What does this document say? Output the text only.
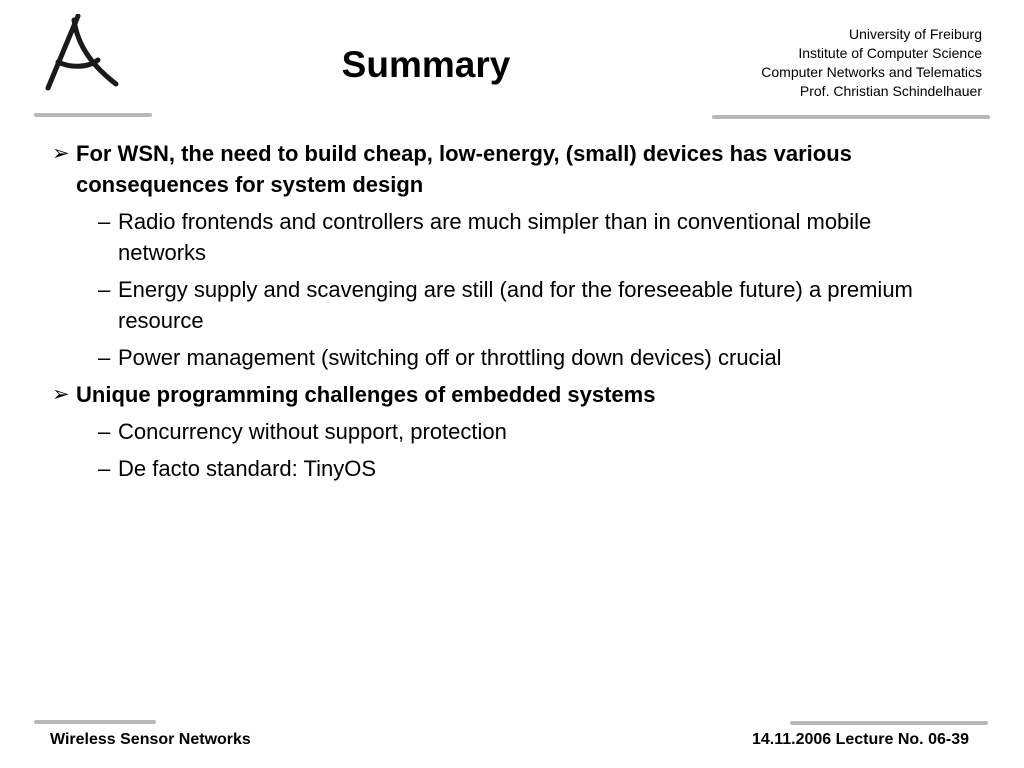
Summary
University of Freiburg
Institute of Computer Science
Computer Networks and Telematics
Prof. Christian Schindelhauer
➢ For WSN, the need to build cheap, low-energy, (small) devices has various consequences for system design
– Radio frontends and controllers are much simpler than in conventional mobile networks
– Energy supply and scavenging are still (and for the foreseeable future) a premium resource
– Power management (switching off or throttling down devices) crucial
➢ Unique programming challenges of embedded systems
– Concurrency without support, protection
– De facto standard: TinyOS
Wireless Sensor Networks	14.11.2006 Lecture No. 06-39
